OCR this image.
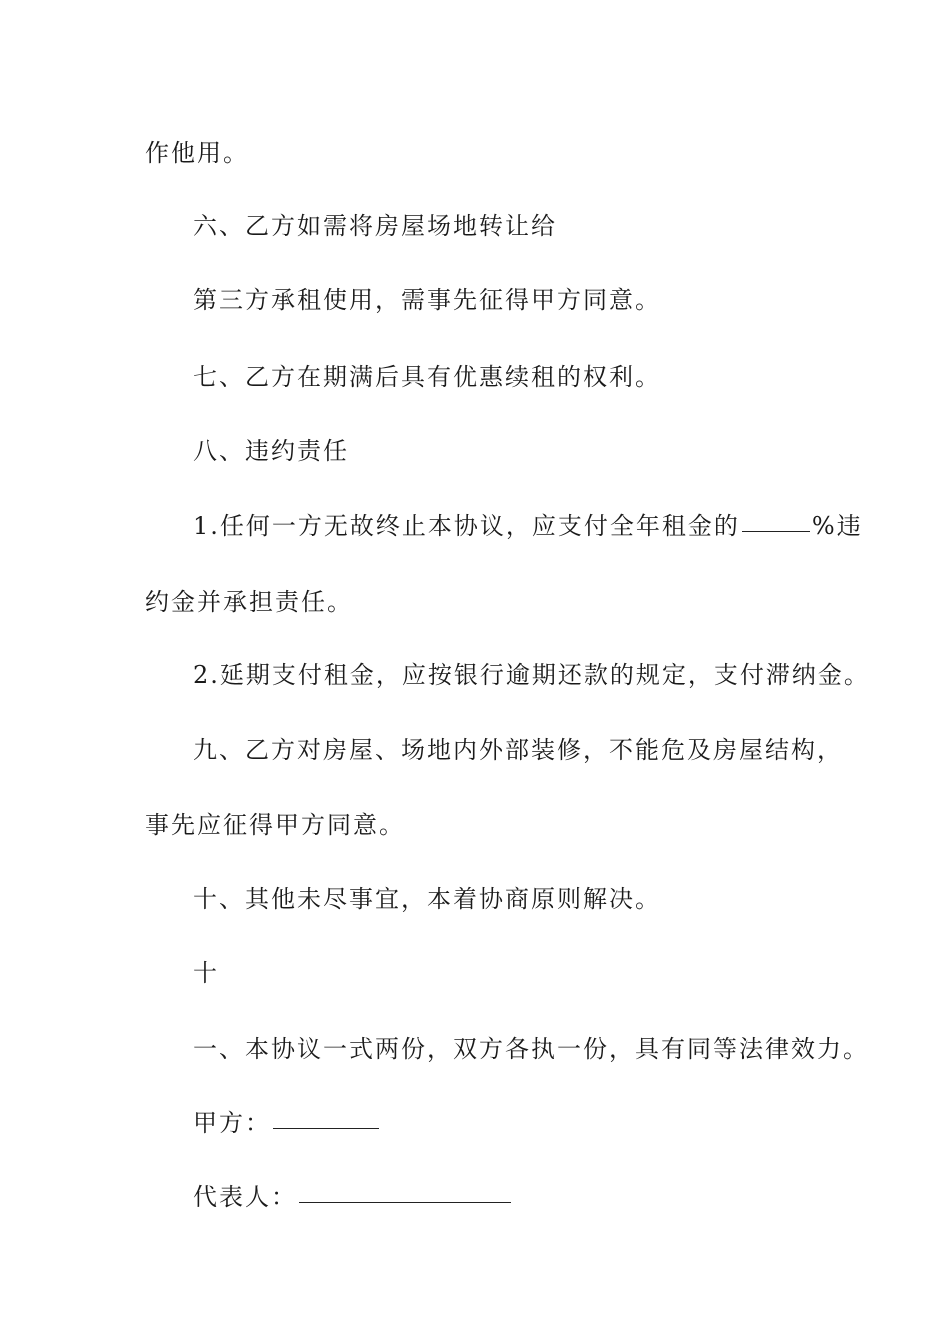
作他用。
六、乙方如需将房屋场地转让给
第三方承租使用，需事先征得甲方同意。
七、乙方在期满后具有优惠续租的权利。
八、违约责任
1.任何一方无故终止本协议，应支付全年租金的	%违
约金并承担责任。
2.延期支付租金，应按银行逾期还款的规定，支付滞纳金。
九、乙方对房屋、场地内外部装修，不能危及房屋结构，
事先应征得甲方同意。
十、其他未尽事宜，本着协商原则解决。
十
一、本协议一式两份，双方各执一份，具有同等法律效力。
甲方：
代表人：
